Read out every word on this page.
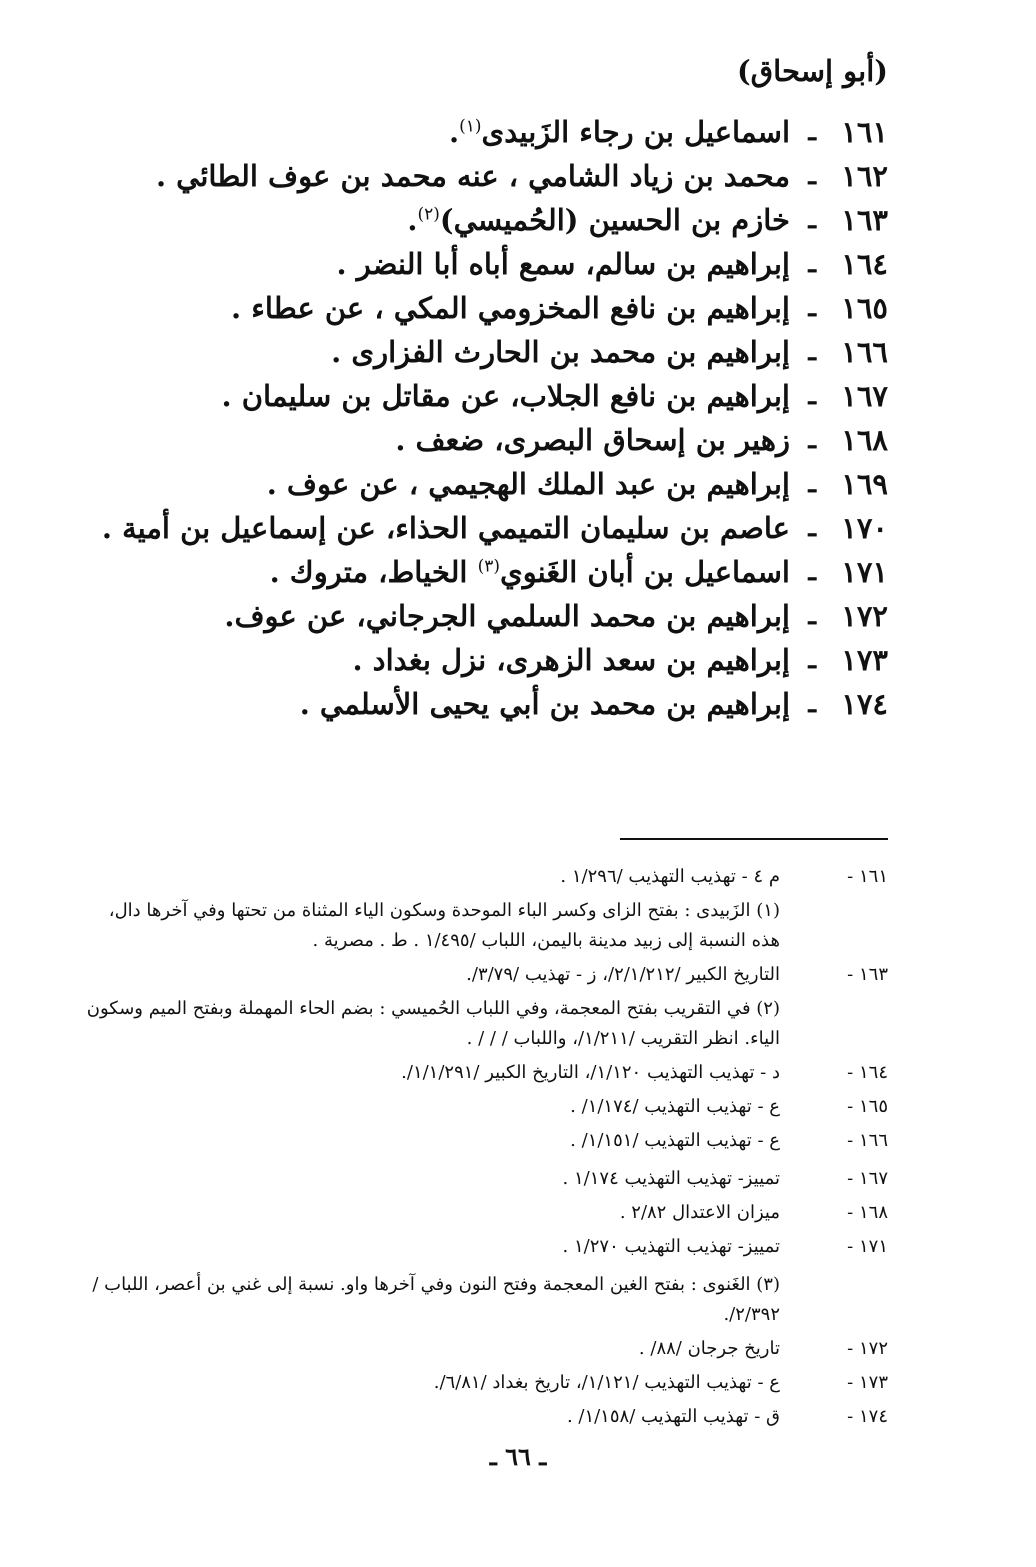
(أبو إسحاق)
١٦١
ـ
اسماعيل بن رجاء الزَبيدى$^{(١)}$.
١٦٢
ـ
محمد بن زياد الشامي ، عنه محمد بن عوف الطائي .
١٦٣
ـ
خازم بن الحسين (الحُميسي)$^{(٢)}$.
١٦٤
ـ
إبراهيم بن سالم، سمع أباه أبا النضر .
١٦٥
ـ
إبراهيم بن نافع المخزومي المكي ، عن عطاء .
١٦٦
ـ
إبراهيم بن محمد بن الحارث الفزارى .
١٦٧
ـ
إبراهيم بن نافع الجلاب، عن مقاتل بن سليمان .
١٦٨
ـ
زهير بن إسحاق البصرى، ضعف .
١٦٩
ـ
إبراهيم بن عبد الملك الهجيمي ، عن عوف .
١٧٠
ـ
عاصم بن سليمان التميمي الحذاء، عن إسماعيل بن أمية .
١٧١
ـ
اسماعيل بن أبان الغَنوي$^{(٣)}$ الخياط، متروك .
١٧٢
ـ
إبراهيم بن محمد السلمي الجرجاني، عن عوف.
١٧٣
ـ
إبراهيم بن سعد الزهرى، نزل بغداد .
١٧٤
ـ
إبراهيم بن محمد بن أبي يحيى الأسلمي .
١٦١ -
م ٤ - تهذيب التهذيب /١/٢٩٦ .
(١) الزَبيدى : بفتح الزاى وكسر الباء الموحدة وسكون الياء المثناة من تحتها وفي آخرها دال، هذه النسبة إلى زبيد مدينة باليمن، اللباب /١/٤٩٥ . ط . مصرية .
١٦٣ -
التاريخ الكبير /٢/١/٢١٢/، ز - تهذيب /٣/٧٩/.
(٢) في التقريب بفتح المعجمة، وفي اللباب الحُميسي : بضم الحاء المهملة وبفتح الميم وسكون الياء. انظر التقريب /١/٢١١/، واللباب / / / .
١٦٤ -
د - تهذيب التهذيب ١/١٢٠/، التاريخ الكبير /١/١/٢٩١/.
١٦٥ -
ع - تهذيب التهذيب /١/١٧٤/ .
١٦٦ -
ع - تهذيب التهذيب /١/١٥١/ .
١٦٧ -
تمييز- تهذيب التهذيب ١/١٧٤ .
١٦٨ -
ميزان الاعتدال ٢/٨٢ .
١٧١ -
تمييز- تهذيب التهذيب ١/٢٧٠ .
(٣) الغَنوى : بفتح الغين المعجمة وفتح النون وفي آخرها واو. نسبة إلى غني بن أعصر، اللباب /٢/٣٩٢/.
١٧٢ -
تاريخ جرجان /٨٨/ .
١٧٣ -
ع - تهذيب التهذيب /١/١٢١/، تاريخ بغداد /٦/٨١/.
١٧٤ -
ق - تهذيب التهذيب /١/١٥٨/ .
ـ ٦٦ ـ
